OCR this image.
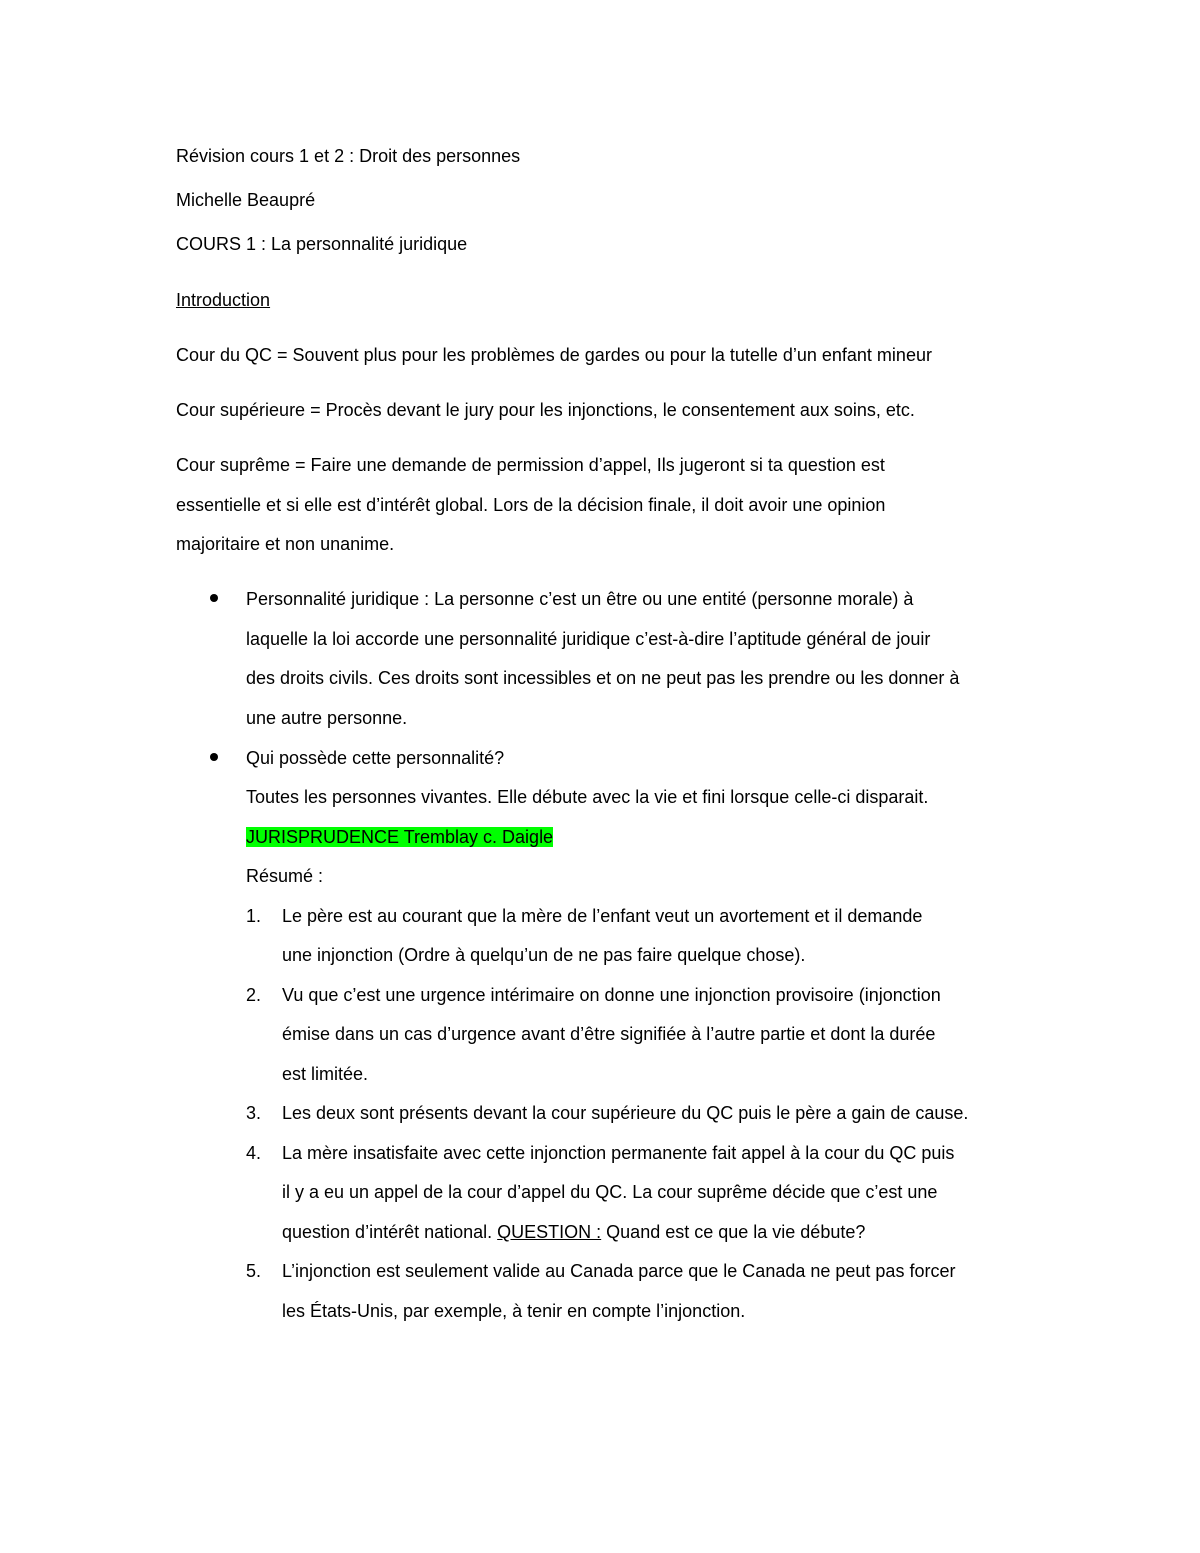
Révision cours 1 et 2 : Droit des personnes
Michelle Beaupré
COURS 1 : La personnalité juridique
Introduction
Cour du QC = Souvent plus pour les problèmes de gardes ou pour la tutelle d’un enfant mineur
Cour supérieure = Procès devant le jury pour les injonctions, le consentement aux soins, etc.
Cour suprême = Faire une demande de permission d’appel, Ils jugeront si ta question est
essentielle et si elle est d’intérêt global. Lors de la décision finale, il doit avoir une opinion
majoritaire et non unanime.
Personnalité juridique : La personne c’est un être ou une entité (personne morale) à
laquelle la loi accorde une personnalité juridique c’est-à-dire l’aptitude général de jouir
des droits civils. Ces droits sont incessibles et on ne peut pas les prendre ou les donner à
une autre personne.
Qui possède cette personnalité?
Toutes les personnes vivantes. Elle débute avec la vie et fini lorsque celle-ci disparait.
JURISPRUDENCE Tremblay c. Daigle
Résumé :
1. Le père est au courant que la mère de l’enfant veut un avortement et il demande
une injonction (Ordre à quelqu’un de ne pas faire quelque chose).
2. Vu que c’est une urgence intérimaire on donne une injonction provisoire (injonction
émise dans un cas d’urgence avant d’être signifiée à l’autre partie et dont la durée
est limitée.
3. Les deux sont présents devant la cour supérieure du QC puis le père a gain de cause.
4. La mère insatisfaite avec cette injonction permanente fait appel à la cour du QC puis
il y a eu un appel de la cour d’appel du QC. La cour suprême décide que c’est une
question d’intérêt national. QUESTION : Quand est ce que la vie débute?
5. L’injonction est seulement valide au Canada parce que le Canada ne peut pas forcer
les États-Unis, par exemple, à tenir en compte l’injonction.
